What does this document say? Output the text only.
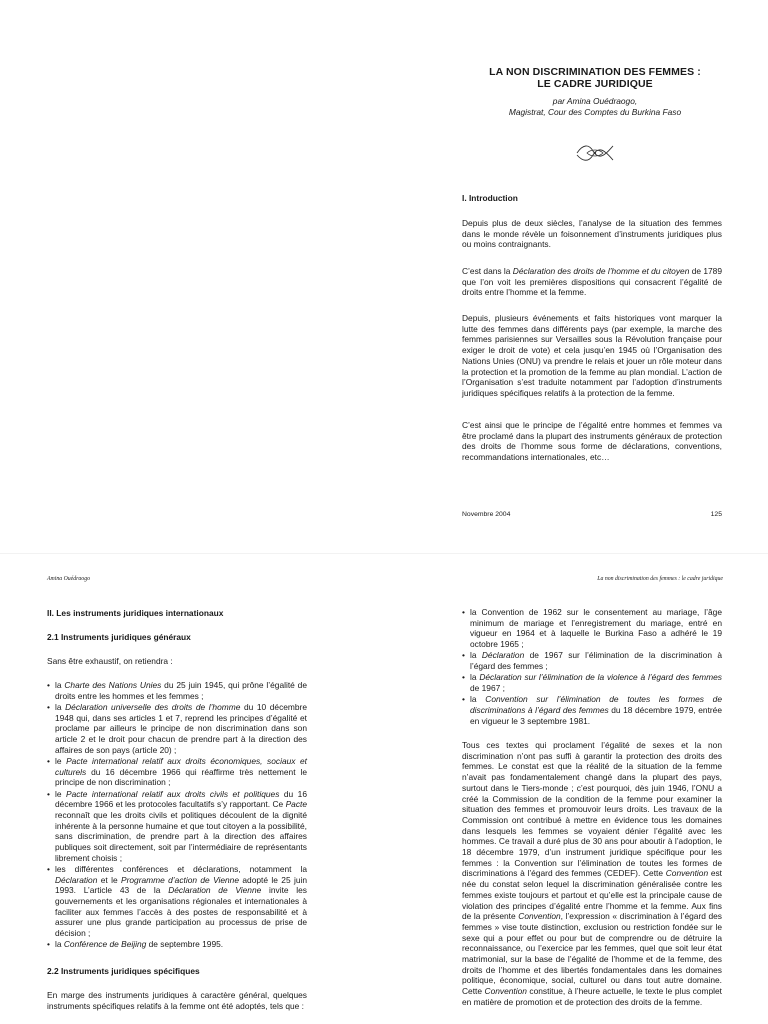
LA NON DISCRIMINATION DES FEMMES :
LE CADRE JURIDIQUE
par Amina Ouédraogo,
Magistrat, Cour des Comptes du Burkina Faso
I. Introduction

Depuis plus de deux siècles, l’analyse de la situation des femmes dans le monde révèle un foisonnement d’instruments juridiques plus ou moins contraignants.

C’est dans la Déclaration des droits de l’homme et du citoyen de 1789 que l’on voit les premières dispositions qui consacrent l’égalité de droits entre l’homme et la femme.

Depuis, plusieurs événements et faits historiques vont marquer la lutte des femmes dans différents pays (par exemple, la marche des femmes parisiennes sur Versailles sous la Révolution française pour exiger le droit de vote) et cela jusqu’en 1945 où l’Organisation des Nations Unies (ONU) va prendre le relais et jouer un rôle moteur dans la protection et la promotion de la femme au plan mondial. L’action de l’Organisation s’est traduite notamment par l’adoption d’instruments juridiques spécifiques relatifs à la protection de la femme.

C’est ainsi que le principe de l’égalité entre hommes et femmes va être proclamé dans la plupart des instruments généraux de protection des droits de l’homme sous forme de déclarations, conventions, recommandations internationales, etc…

Novembre 2004	125
Amina Ouédraogo	La non discrimination des femmes : le cadre juridique
II. Les instruments juridiques internationaux
2.1 Instruments juridiques généraux

Sans être exhaustif, on retiendra :

• la Charte des Nations Unies du 25 juin 1945, qui prône l’égalité de droits entre les hommes et les femmes ;
• la Déclaration universelle des droits de l’homme du 10 décembre 1948 qui, dans ses articles 1 et 7, reprend les principes d’égalité et proclame par ailleurs le principe de non discrimination dans son article 2 et le droit pour chacun de prendre part à la direction des affaires de son pays (article 20) ;
• le Pacte international relatif aux droits économiques, sociaux et culturels du 16 décembre 1966 qui réaffirme très nettement le principe de non discrimination ;
• le Pacte international relatif aux droits civils et politiques du 16 décembre 1966 et les protocoles facultatifs s’y rapportant. Ce Pacte reconnaît que les droits civils et politiques découlent de la dignité inhérente à la personne humaine et que tout citoyen a la possibilité, sans discrimination, de prendre part à la direction des affaires publiques soit directement, soit par l’intermédiaire de représentants librement choisis ;
• les différentes conférences et déclarations, notamment la Déclaration et le Programme d’action de Vienne adopté le 25 juin 1993. L’article 43 de la Déclaration de Vienne invite les gouvernements et les organisations régionales et internationales à faciliter aux femmes l’accès à des postes de responsabilité et à assurer une plus grande participation au processus de prise de décision ;
• la Conférence de Beijing de septembre 1995.
2.2 Instruments juridiques spécifiques

En marge des instruments juridiques à caractère général, quelques instruments spécifiques relatifs à la femme ont été adoptés, tels que :

• la Convention de 1962 sur le consentement au mariage, l’âge minimum de mariage et l’enregistrement du mariage, entré en vigueur en 1964 et à laquelle le Burkina Faso a adhéré le 19 octobre 1965 ;
• la Déclaration de 1967 sur l’élimination de la discrimination à l’égard des femmes ;
• la Déclaration sur l’élimination de la violence à l’égard des femmes de 1967 ;
• la Convention sur l’élimination de toutes les formes de discriminations à l’égard des femmes du 18 décembre 1979, entrée en vigueur le 3 septembre 1981.

Tous ces textes qui proclament l’égalité de sexes et la non discrimination n’ont pas suffi à garantir la protection des droits des femmes. Le constat est que la réalité de la situation de la femme n’avait pas fondamentalement changé dans la plupart des pays, surtout dans le Tiers-monde ; c’est pourquoi, dès juin 1946, l’ONU a créé la Commission de la condition de la femme pour examiner la situation des femmes et promouvoir leurs droits. Les travaux de la Commission ont contribué à mettre en évidence tous les domaines dans lesquels les femmes se voyaient dénier l’égalité avec les hommes. Ce travail a duré plus de 30 ans pour aboutir à l’adoption, le 18 décembre 1979, d’un instrument juridique spécifique pour les femmes : la Convention sur l’élimination de toutes les formes de discriminations à l’égard des femmes (CEDEF). Cette Convention est née du constat selon lequel la discrimination généralisée contre les femmes existe toujours et partout et qu’elle est la principale cause de violation des principes d’égalité entre l’homme et la femme. Aux fins de la présente Convention, l’expression « discrimination à l’égard des femmes » vise toute distinction, exclusion ou restriction fondée sur le sexe qui a pour effet ou pour but de comprendre ou de détruire la reconnaissance, ou l’exercice par les femmes, quel que soit leur état matrimonial, sur la base de l’égalité de l’homme et de la femme, des droits de l’homme et des libertés fondamentales dans les domaines politique, économique, social, culturel ou dans tout autre domaine. Cette Convention constitue, à l’heure actuelle, le texte le plus complet en matière de promotion et de protection des droits de la femme.
